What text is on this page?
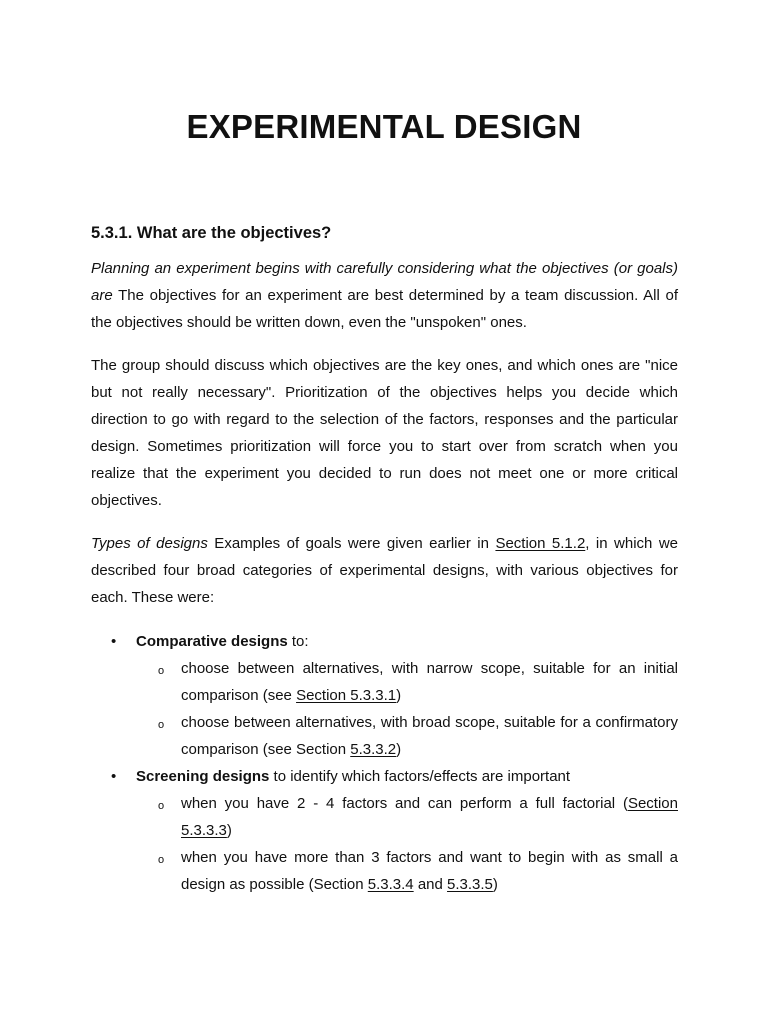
EXPERIMENTAL DESIGN
5.3.1. What are the objectives?

Planning an experiment begins with carefully considering what the objectives (or goals) are The objectives for an experiment are best determined by a team discussion. All of the objectives should be written down, even the "unspoken" ones.

The group should discuss which objectives are the key ones, and which ones are "nice but not really necessary". Prioritization of the objectives helps you decide which direction to go with regard to the selection of the factors, responses and the particular design. Sometimes prioritization will force you to start over from scratch when you realize that the experiment you decided to run does not meet one or more critical objectives.

Types of designs Examples of goals were given earlier in Section 5.1.2, in which we described four broad categories of experimental designs, with various objectives for each. These were:

• Comparative designs to:
o choose between alternatives, with narrow scope, suitable for an initial comparison (see Section 5.3.3.1)
o choose between alternatives, with broad scope, suitable for a confirmatory comparison (see Section 5.3.3.2)
• Screening designs to identify which factors/effects are important
o when you have 2 - 4 factors and can perform a full factorial (Section 5.3.3.3)
o when you have more than 3 factors and want to begin with as small a design as possible (Section 5.3.3.4 and 5.3.3.5)
